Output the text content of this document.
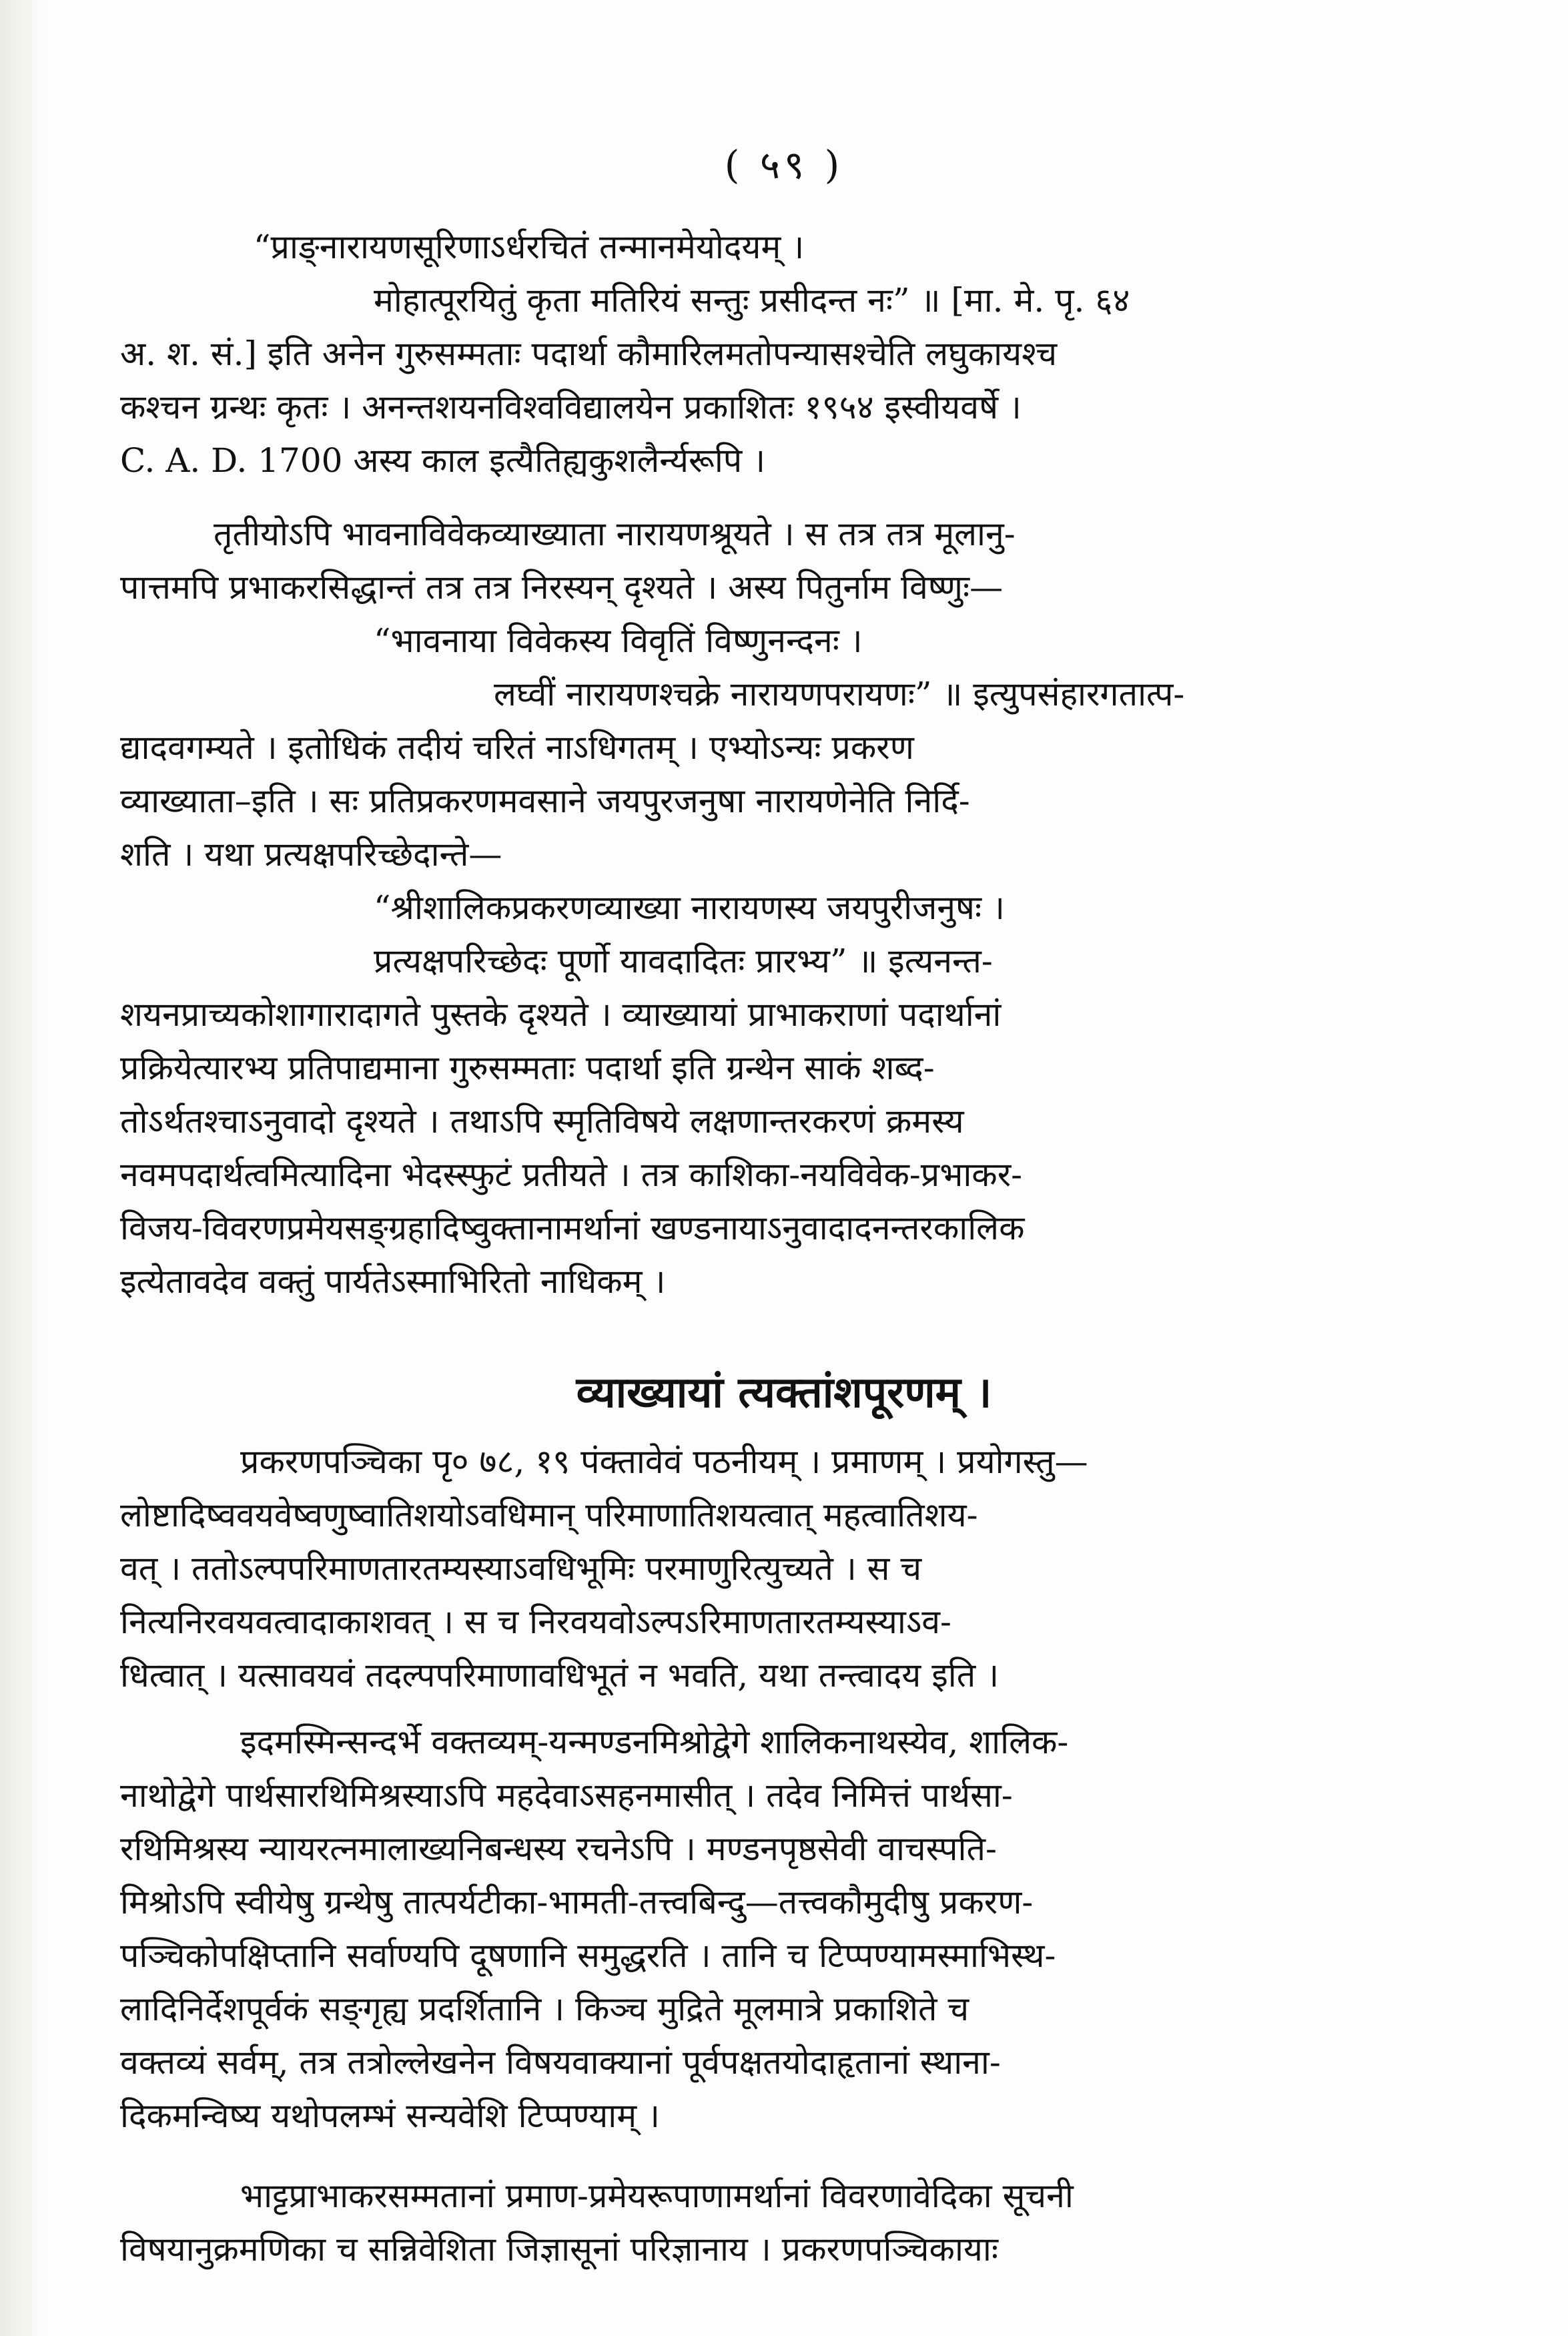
( ५९ )
“प्राङ्नारायणसूरिणाऽर्धरचितं तन्मानमेयोदयम् ।
मोहात्पूरयितुं कृता मतिरियं सन्तुः प्रसीदन्त नः” ॥ [मा. मे. पृ. ६४
अ. श. सं.] इति अनेन गुरुसम्मताः पदार्था कौमारिलमतोपन्यासश्चेति लघुकायश्च
कश्चन ग्रन्थः कृतः । अनन्तशयनविश्वविद्यालयेन प्रकाशितः १९५४ इस्वीयवर्षे ।
C. A. D. 1700 अस्य काल इत्यैतिह्यकुशलैर्न्यरूपि ।
तृतीयोऽपि भावनाविवेकव्याख्याता नारायणश्रूयते । स तत्र तत्र मूलानु-
पात्तमपि प्रभाकरसिद्धान्तं तत्र तत्र निरस्यन् दृश्यते । अस्य पितुर्नाम विष्णुः—
“भावनाया विवेकस्य विवृतिं विष्णुनन्दनः ।
लघ्वीं नारायणश्चक्रे नारायणपरायणः” ॥ इत्युपसंहारगतात्प-
द्यादवगम्यते । इतोधिकं तदीयं चरितं नाऽधिगतम् । एभ्योऽन्यः प्रकरण
व्याख्याता–इति । सः प्रतिप्रकरणमवसाने जयपुरजनुषा नारायणेनेति निर्दि-
शति । यथा प्रत्यक्षपरिच्छेदान्ते—
“श्रीशालिकप्रकरणव्याख्या नारायणस्य जयपुरीजनुषः ।
प्रत्यक्षपरिच्छेदः पूर्णो यावदादितः प्रारभ्य” ॥ इत्यनन्त-
शयनप्राच्यकोशागारादागते पुस्तके दृश्यते । व्याख्यायां प्राभाकराणां पदार्थानां
प्रक्रियेत्यारभ्य प्रतिपाद्यमाना गुरुसम्मताः पदार्था इति ग्रन्थेन साकं शब्द-
तोऽर्थतश्चाऽनुवादो दृश्यते । तथाऽपि स्मृतिविषये लक्षणान्तरकरणं क्रमस्य
नवमपदार्थत्वमित्यादिना भेदस्स्फुटं प्रतीयते । तत्र काशिका-नयविवेक-प्रभाकर-
विजय-विवरणप्रमेयसङ्ग्रहादिष्वुक्तानामर्थानां खण्डनायाऽनुवादादनन्तरकालिक
इत्येतावदेव वक्तुं पार्यतेऽस्माभिरितो नाधिकम् ।
व्याख्यायां त्यक्तांशपूरणम् ।
प्रकरणपञ्चिका पृ० ७८, १९ पंक्तावेवं पठनीयम् । प्रमाणम् । प्रयोगस्तु—
लोष्टादिष्ववयवेष्वणुष्वातिशयोऽवधिमान् परिमाणातिशयत्वात् महत्वातिशय-
वत् । ततोऽल्पपरिमाणतारतम्यस्याऽवधिभूमिः परमाणुरित्युच्यते । स च
नित्यनिरवयवत्वादाकाशवत् । स च निरवयवोऽल्पऽरिमाणतारतम्यस्याऽव-
धित्वात् । यत्सावयवं तदल्पपरिमाणावधिभूतं न भवति, यथा तन्त्वादय इति ।
इदमस्मिन्सन्दर्भे वक्तव्यम्-यन्मण्डनमिश्रोद्वेगे शालिकनाथस्येव, शालिक-
नाथोद्वेगे पार्थसारथिमिश्रस्याऽपि महदेवाऽसहनमासीत् । तदेव निमित्तं पार्थसा-
रथिमिश्रस्य न्यायरत्नमालाख्यनिबन्धस्य रचनेऽपि । मण्डनपृष्ठसेवी वाचस्पति-
मिश्रोऽपि स्वीयेषु ग्रन्थेषु तात्पर्यटीका-भामती-तत्त्वबिन्दु—तत्त्वकौमुदीषु प्रकरण-
पञ्चिकोपक्षिप्तानि सर्वाण्यपि दूषणानि समुद्धरति । तानि च टिप्पण्यामस्माभिस्थ-
लादिनिर्देशपूर्वकं सङ्गृह्य प्रदर्शितानि । किञ्च मुद्रिते मूलमात्रे प्रकाशिते च
वक्तव्यं सर्वम्, तत्र तत्रोल्लेखनेन विषयवाक्यानां पूर्वपक्षतयोदाहृतानां स्थाना-
दिकमन्विष्य यथोपलम्भं सन्यवेशि टिप्पण्याम् ।
भाट्टप्राभाकरसम्मतानां प्रमाण-प्रमेयरूपाणामर्थानां विवरणावेदिका सूचनी
विषयानुक्रमणिका च सन्निवेशिता जिज्ञासूनां परिज्ञानाय । प्रकरणपञ्चिकायाः
